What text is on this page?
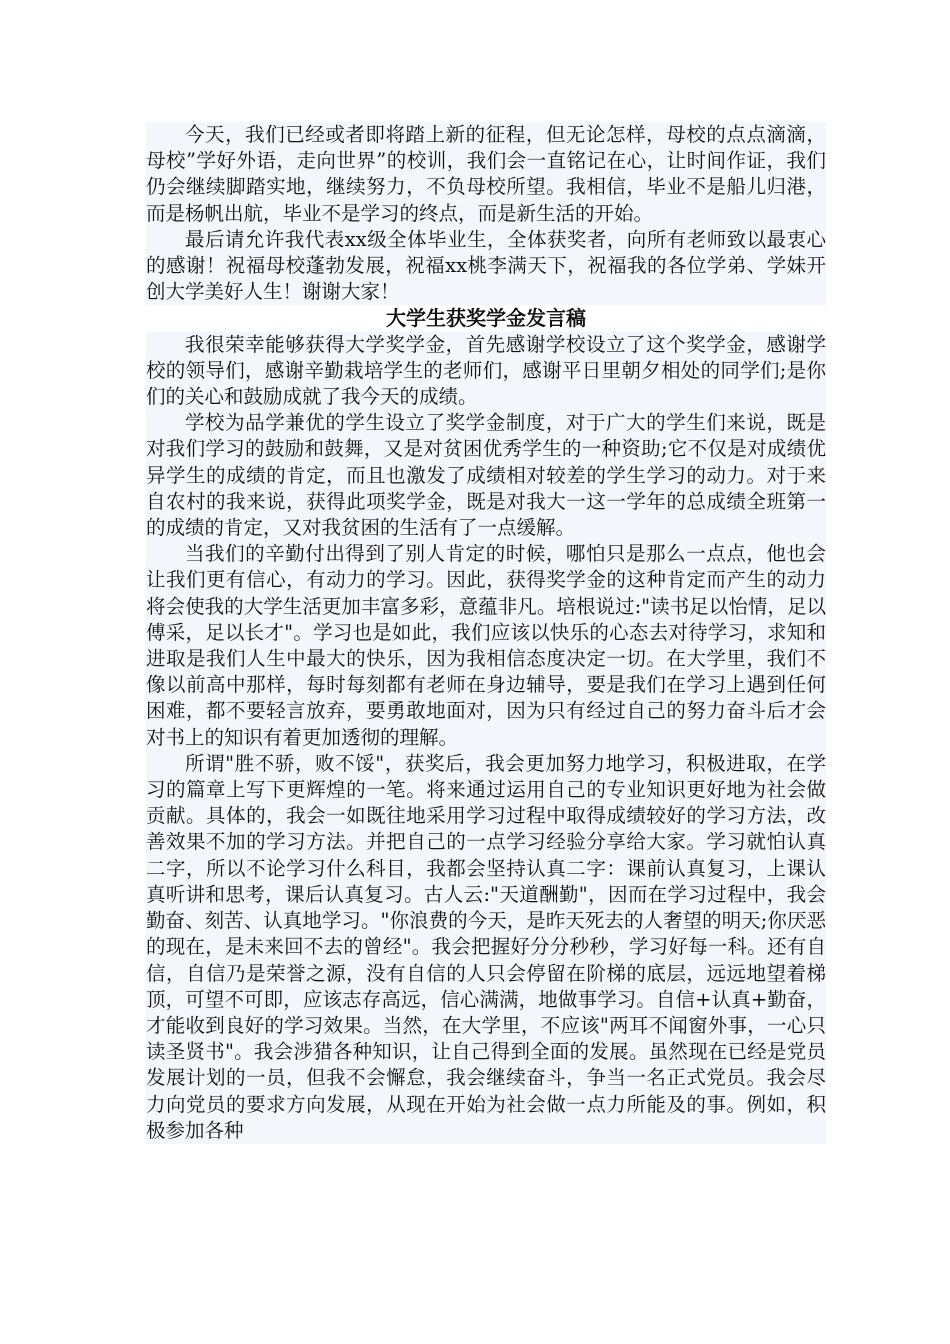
今天，我们已经或者即将踏上新的征程，但无论怎样，母校的点点滴滴，母校”学好外语，走向世界”的校训，我们会一直铭记在心，让时间作证，我们仍会继续脚踏实地，继续努力，不负母校所望。我相信，毕业不是船儿归港，而是杨帆出航，毕业不是学习的终点，而是新生活的开始。

最后请允许我代表xx级全体毕业生，全体获奖者，向所有老师致以最衷心的感谢！祝福母校蓬勃发展，祝福xx桃李满天下，祝福我的各位学弟、学妹开创大学美好人生！谢谢大家！

大学生获奖学金发言稿

我很荣幸能够获得大学奖学金，首先感谢学校设立了这个奖学金，感谢学校的领导们，感谢辛勤栽培学生的老师们，感谢平日里朝夕相处的同学们;是你们的关心和鼓励成就了我今天的成绩。

学校为品学兼优的学生设立了奖学金制度，对于广大的学生们来说，既是对我们学习的鼓励和鼓舞，又是对贫困优秀学生的一种资助;它不仅是对成绩优异学生的成绩的肯定，而且也激发了成绩相对较差的学生学习的动力。对于来自农村的我来说，获得此项奖学金，既是对我大一这一学年的总成绩全班第一的成绩的肯定，又对我贫困的生活有了一点缓解。

当我们的辛勤付出得到了别人肯定的时候，哪怕只是那么一点点，他也会让我们更有信心，有动力的学习。因此，获得奖学金的这种肯定而产生的动力将会使我的大学生活更加丰富多彩，意蕴非凡。培根说过:"读书足以怡情，足以傅采，足以长才"。学习也是如此，我们应该以快乐的心态去对待学习，求知和进取是我们人生中最大的快乐，因为我相信态度决定一切。在大学里，我们不像以前高中那样，每时每刻都有老师在身边辅导，要是我们在学习上遇到任何困难，都不要轻言放弃，要勇敢地面对，因为只有经过自己的努力奋斗后才会对书上的知识有着更加透彻的理解。

所谓"胜不骄，败不馁"，获奖后，我会更加努力地学习，积极进取，在学习的篇章上写下更辉煌的一笔。将来通过运用自己的专业知识更好地为社会做贡献。具体的，我会一如既往地采用学习过程中取得成绩较好的学习方法，改善效果不加的学习方法。并把自己的一点学习经验分享给大家。学习就怕认真二字，所以不论学习什么科目，我都会坚持认真二字：课前认真复习，上课认真听讲和思考，课后认真复习。古人云:"天道酬勤"，因而在学习过程中，我会勤奋、刻苦、认真地学习。"你浪费的今天，是昨天死去的人奢望的明天;你厌恶的现在，是未来回不去的曾经"。我会把握好分分秒秒，学习好每一科。还有自信，自信乃是荣誉之源，没有自信的人只会停留在阶梯的底层，远远地望着梯顶，可望不可即，应该志存高远，信心满满，地做事学习。自信+认真+勤奋，才能收到良好的学习效果。当然，在大学里，不应该"两耳不闻窗外事，一心只读圣贤书"。我会涉猎各种知识，让自己得到全面的发展。虽然现在已经是党员发展计划的一员，但我不会懈怠，我会继续奋斗，争当一名正式党员。我会尽力向党员的要求方向发展，从现在开始为社会做一点力所能及的事。例如，积极参加各种
